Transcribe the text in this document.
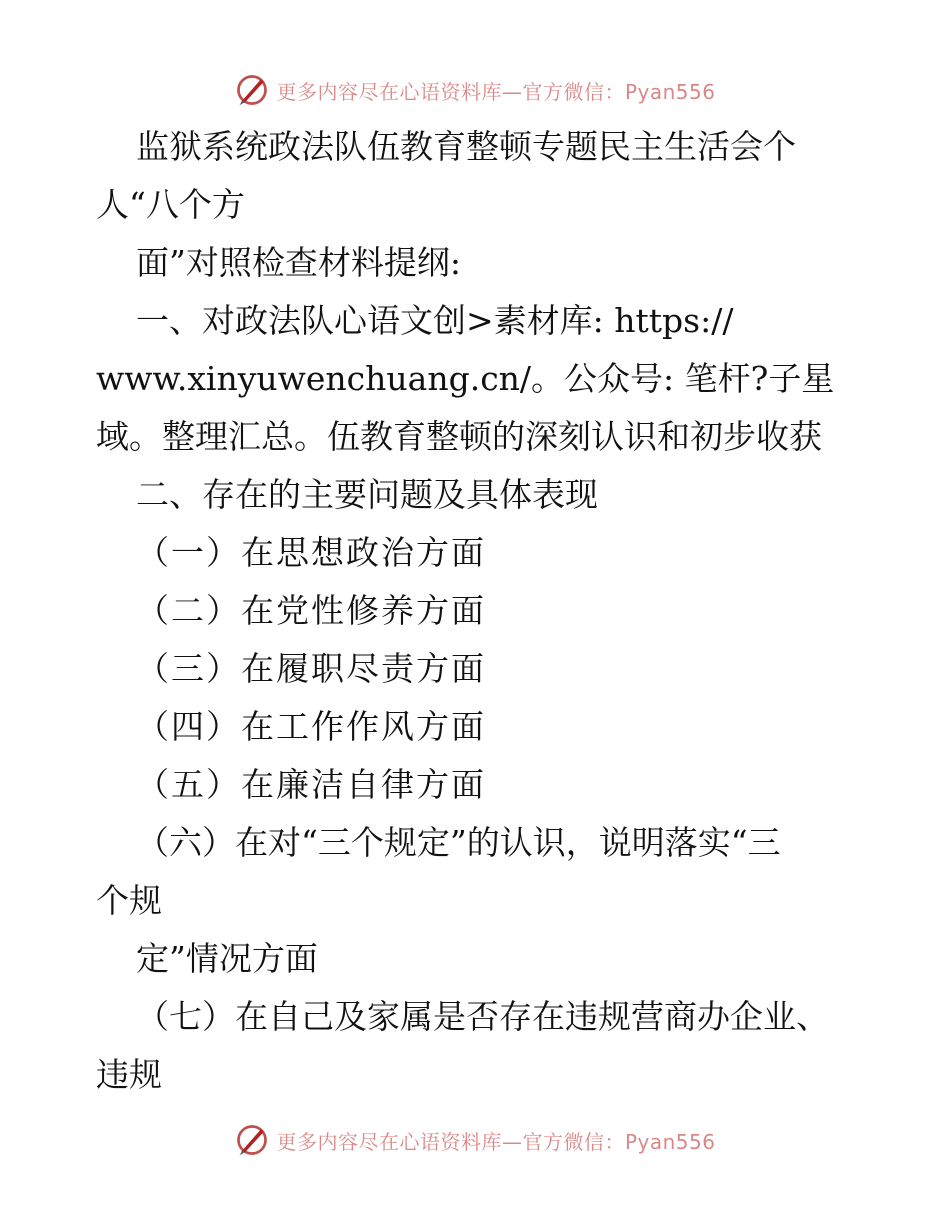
更多内容尽在心语资料库—官方微信：Pyan556
监狱系统政法队伍教育整顿专题民主生活会个
人“八个方
面”对照检查材料提纲:
一、对政法队心语文创>素材库: https://
www.xinyuwenchuang.cn/。公众号: 笔杆?子星
域。整理汇总。伍教育整顿的深刻认识和初步收获
二、存在的主要问题及具体表现
（一）在思想政治方面
（二）在党性修养方面
（三）在履职尽责方面
（四）在工作作风方面
（五）在廉洁自律方面
（六）在对“三个规定”的认识，说明落实“三
个规
定”情况方面
（七）在自己及家属是否存在违规营商办企业、
违规
更多内容尽在心语资料库—官方微信：Pyan556
